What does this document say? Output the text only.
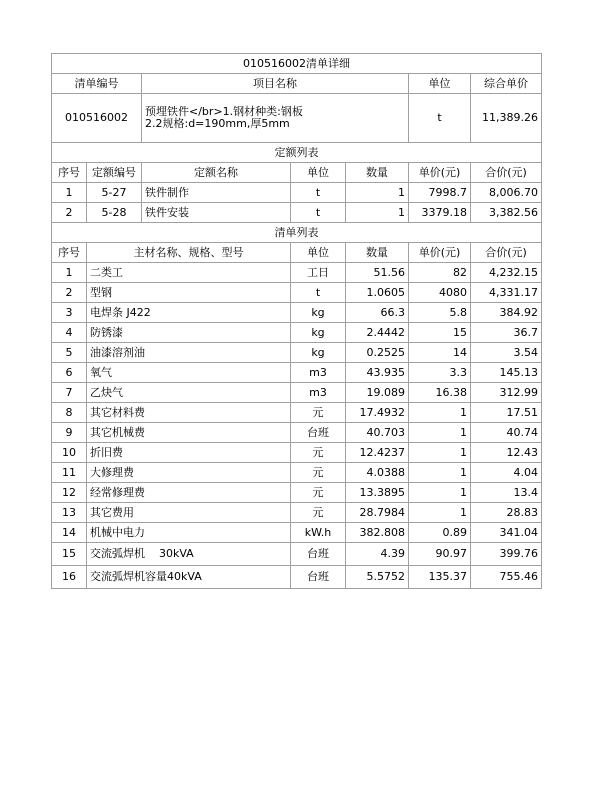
010516002清单详细						
清单编号		项目名称			单位	综合单价
010516002		预埋铁件</br>1.钢材种类:钢板
2.2规格:d=190mm,厚5mm			t	11,389.26
定额列表						
序号	定额编号	定额名称	单位	数量	单价(元)	合价(元)
1	5-27	铁件制作	t	1	7998.7	8,006.70
2	5-28	铁件安装	t	1	3379.18	3,382.56
清单列表						
序号	主材名称、规格、型号		单位	数量	单价(元)	合价(元)
1	二类工		工日	51.56	82	4,232.15
2	型钢		t	1.0605	4080	4,331.17
3	电焊条 J422		kg	66.3	5.8	384.92
4	防锈漆		kg	2.4442	15	36.7
5	油漆溶剂油		kg	0.2525	14	3.54
6	氧气		m3	43.935	3.3	145.13
7	乙炔气		m3	19.089	16.38	312.99
8	其它材料费		元	17.4932	1	17.51
9	其它机械费		台班	40.703	1	40.74
10	折旧费		元	12.4237	1	12.43
11	大修理费		元	4.0388	1	4.04
12	经常修理费		元	13.3895	1	13.4
13	其它费用		元	28.7984	1	28.83
14	机械中电力		kW.h	382.808	0.89	341.04
15	交流弧焊机    30kVA		台班	4.39	90.97	399.76
16	交流弧焊机容量40kVA		台班	5.5752	135.37	755.46
